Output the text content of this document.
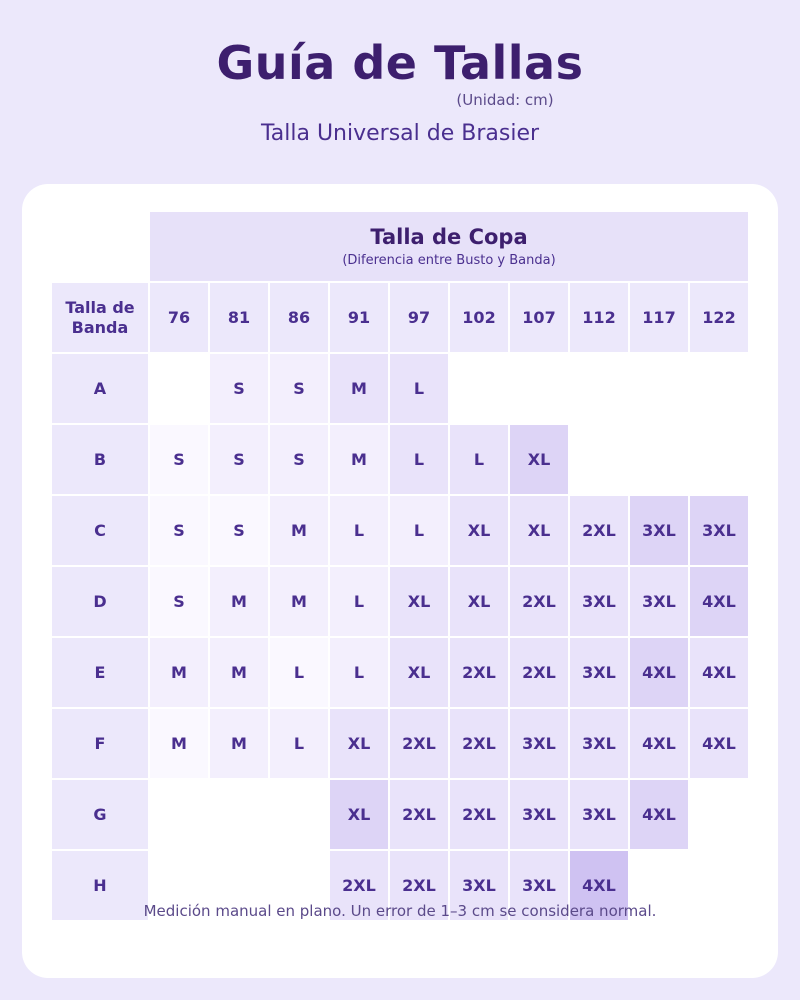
Guía de Tallas
(Unidad: cm)
Talla Universal de Brasier

	Talla de Copa
(Diferencia entre Busto y Banda)									

Talla de Banda	76	81	86	91	97	102	107	112	117	122
A		S	S	M	L					
B	S	S	S	M	L	L	XL			
C	S	S	M	L	L	XL	XL	2XL	3XL	3XL
D	S	M	M	L	XL	XL	2XL	3XL	3XL	4XL
E	M	M	L	L	XL	2XL	2XL	3XL	4XL	4XL
F	M	M	L	XL	2XL	2XL	3XL	3XL	4XL	4XL
G				XL	2XL	2XL	3XL	3XL	4XL	
H				2XL	2XL	3XL	3XL	4XL		
Medición manual en plano. Un error de 1–3 cm se considera normal.
